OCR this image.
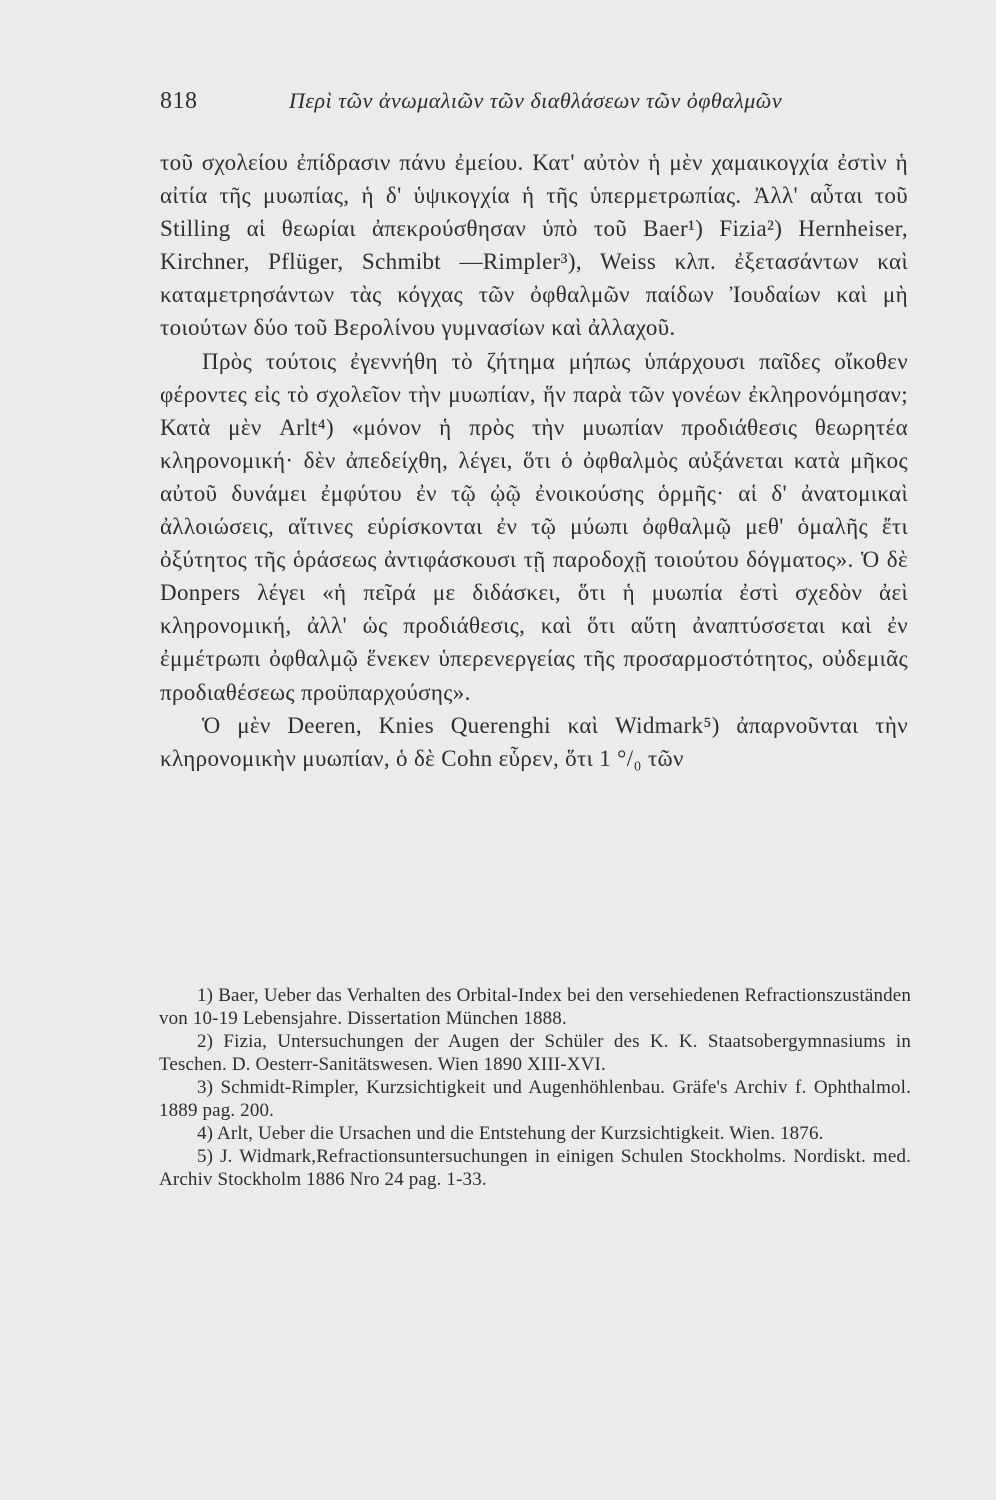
818	Περὶ τῶν ἀνωμαλιῶν τῶν διαθλάσεων τῶν ὀφθαλμῶν

τοῦ σχολείου ἐπίδρασιν πάνυ ἐμείου. Κατ' αὐτὸν ἡ μὲν χαμαικογχία ἐστὶν ἡ αἰτία τῆς μυωπίας, ἡ δ' ὑψικογχία ἡ τῆς ὑπερμετρωπίας. Ἀλλ' αὗται τοῦ Stilling αἱ θεωρίαι ἀπεκρούσθησαν ὑπὸ τοῦ Baer¹) Fizia²) Hernheiser, Kirchner, Pflüger, Schmibt —Rimpler³), Weiss κλπ. ἐξετασάντων καὶ καταμετρησάντων τὰς κόγχας τῶν ὀφθαλμῶν παίδων Ἰουδαίων καὶ μὴ τοιούτων δύο τοῦ Βερολίνου γυμνασίων καὶ ἀλλαχοῦ.

Πρὸς τούτοις ἐγεννήθη τὸ ζήτημα μήπως ὑπάρχουσι παῖδες οἴκοθεν φέροντες εἰς τὸ σχολεῖον τὴν μυωπίαν, ἥν παρὰ τῶν γονέων ἐκληρονόμησαν; Κατὰ μὲν Arlt⁴) «μόνον ἡ πρὸς τὴν μυωπίαν προδιάθεσις θεωρητέα κληρονομική· δὲν ἀπεδείχθη, λέγει, ὅτι ὁ ὀφθαλμὸς αὐξάνεται κατὰ μῆκος αὐτοῦ δυνάμει ἐμφύτου ἐν τῷ ᾠῷ ἐνοικούσης ὁρμῆς· αἱ δ' ἀνατομικαὶ ἀλλοιώσεις, αἵτινες εὑρίσκονται ἐν τῷ μύωπι ὀφθαλμῷ μεθ' ὁμαλῆς ἔτι ὀξύτητος τῆς ὁράσεως ἀντιφάσκουσι τῇ παροδοχῇ τοιούτου δόγματος». Ὁ δὲ Donpers λέγει «ἡ πεῖρά με διδάσκει, ὅτι ἡ μυωπία ἐστὶ σχεδὸν ἀεὶ κληρονομική, ἀλλ' ὡς προδιάθεσις, καὶ ὅτι αὕτη ἀναπτύσσεται καὶ ἐν ἐμμέτρωπι ὀφθαλμῷ ἕνεκεν ὑπερενεργείας τῆς προσαρμοστότητος, οὐδεμιᾶς προδιαθέσεως προϋπαρχούσης».

Ὁ μὲν Deeren, Knies Querenghi καὶ Widmark⁵) ἀπαρνοῦνται τὴν κληρονομικὴν μυωπίαν, ὁ δὲ Cohn εὗρεν, ὅτι 1 °/₀ τῶν

1) Baer, Ueber das Verhalten des Orbital-Index bei den versehiedenen Refractionszuständen von 10-19 Lebensjahre. Dissertation München 1888.

2) Fizia, Untersuchungen der Augen der Schüler des K. K. Staatsobergymnasiums in Teschen. D. Oesterr-Sanitätswesen. Wien 1890 XIII-XVI.

3) Schmidt-Rimpler, Kurzsichtigkeit und Augenhöhlenbau. Gräfe's Archiv f. Ophthalmol. 1889 pag. 200.

4) Arlt, Ueber die Ursachen und die Entstehung der Kurzsichtigkeit. Wien. 1876.

5) J. Widmark,Refractionsuntersuchungen in einigen Schulen Stockholms. Nordiskt. med. Archiv Stockholm 1886 Nro 24 pag. 1-33.
